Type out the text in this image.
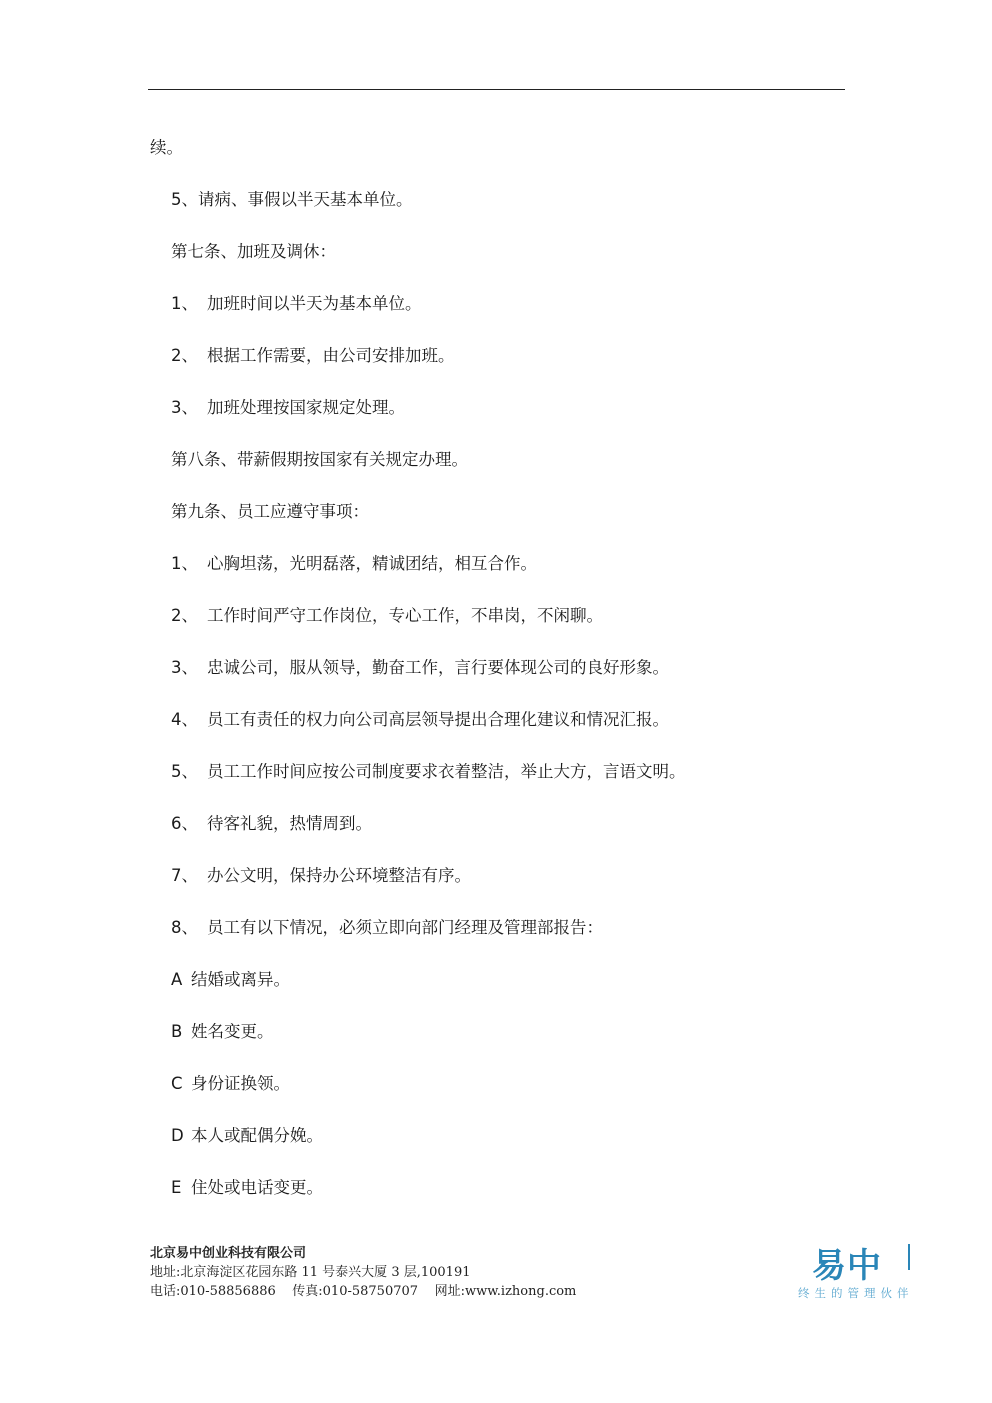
续。
5、请病、事假以半天基本单位。
第七条、加班及调休：
1、 加班时间以半天为基本单位。
2、 根据工作需要，由公司安排加班。
3、 加班处理按国家规定处理。
第八条、带薪假期按国家有关规定办理。
第九条、员工应遵守事项：
1、 心胸坦荡，光明磊落，精诚团结，相互合作。
2、 工作时间严守工作岗位，专心工作，不串岗，不闲聊。
3、 忠诚公司，服从领导，勤奋工作，言行要体现公司的良好形象。
4、 员工有责任的权力向公司高层领导提出合理化建议和情况汇报。
5、 员工工作时间应按公司制度要求衣着整洁，举止大方，言语文明。
6、 待客礼貌，热情周到。
7、 办公文明，保持办公环境整洁有序。
8、 员工有以下情况，必须立即向部门经理及管理部报告：
A 结婚或离异。
B 姓名变更。
C 身份证换领。
D 本人或配偶分娩。
E 住处或电话变更。
北京易中创业科技有限公司
地址:北京海淀区花园东路 11 号泰兴大厦 3 层,100191
电话:010-58856886    传真:010-58750707    网址:www.izhong.com
易中
终生的管理伙伴
